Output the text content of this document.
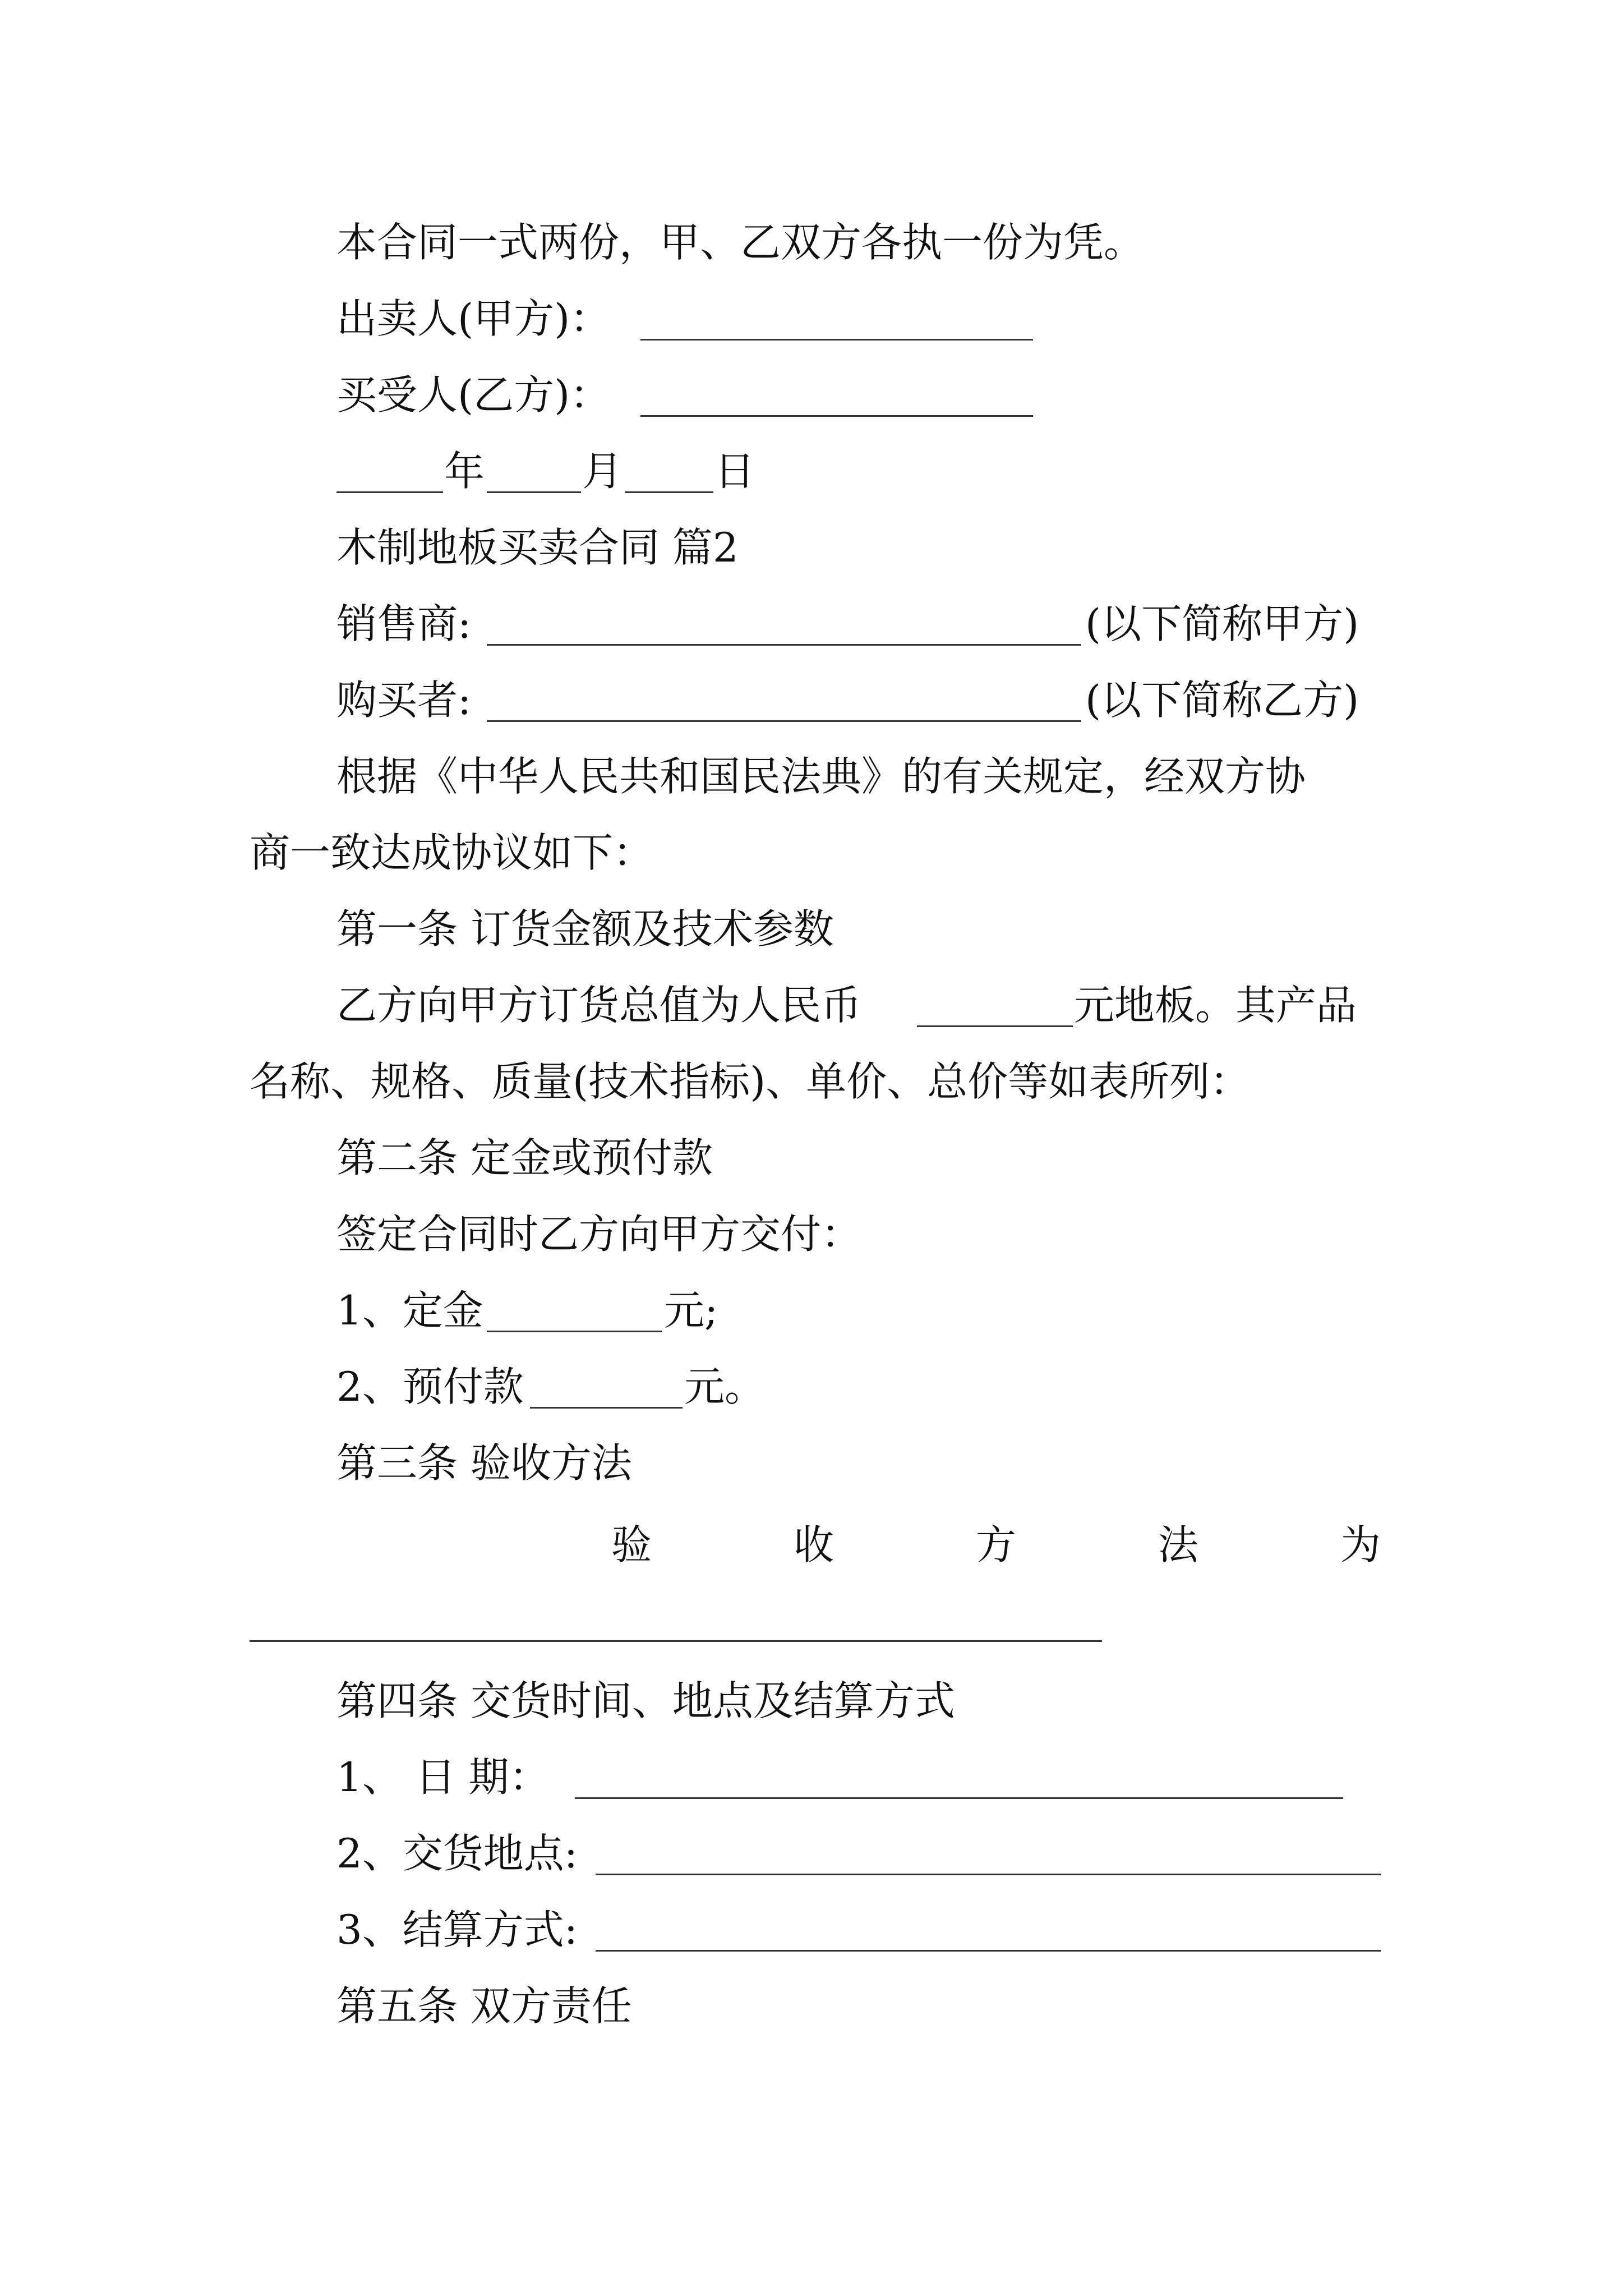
本合同一式两份，甲、乙双方各执一份为凭。
出卖人(甲方)：
买受人(乙方)：
年 月 日
木制地板买卖合同 篇2
销售商:	(以下简称甲方)
购买者:	(以下简称乙方)
根据《中华人民共和国民法典》的有关规定，经双方协
商一致达成协议如下：
第一条 订货金额及技术参数
乙方向甲方订货总值为人民币	元地板。其产品
名称、规格、质量(技术指标)、单价、总价等如表所列：
第二条 定金或预付款
签定合同时乙方向甲方交付：
1、定金	元;
2、预付款	元。
第三条 验收方法
验	收	方	法	为
第四条 交货时间、地点及结算方式
1、 日 期：
2、交货地点:
3、结算方式:
第五条 双方责任
